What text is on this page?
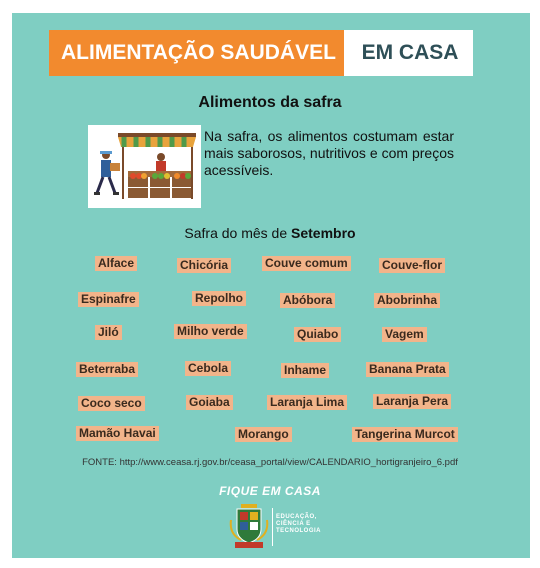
ALIMENTAÇÃO SAUDÁVEL	EM CASA
Alimentos da safra
Na safra, os alimentos costumam estar mais saborosos, nutritivos e com preços acessíveis.
Safra do mês de Setembro
Alface	Chicória	Couve comum	Couve-flor
Espinafre	Repolho	Abóbora	Abobrinha
Jiló	Milho verde	Quiabo	Vagem
Beterraba	Cebola	Inhame	Banana Prata
Coco seco	Goiaba	Laranja Lima	Laranja Pera
Mamão Havai	Morango	Tangerina Murcot
FONTE: http://www.ceasa.rj.gov.br/ceasa_portal/view/CALENDARIO_hortigranjeiro_6.pdf
FIQUE EM CASA
EDUCAÇÃO,
CIÊNCIA E
TECNOLOGIA
